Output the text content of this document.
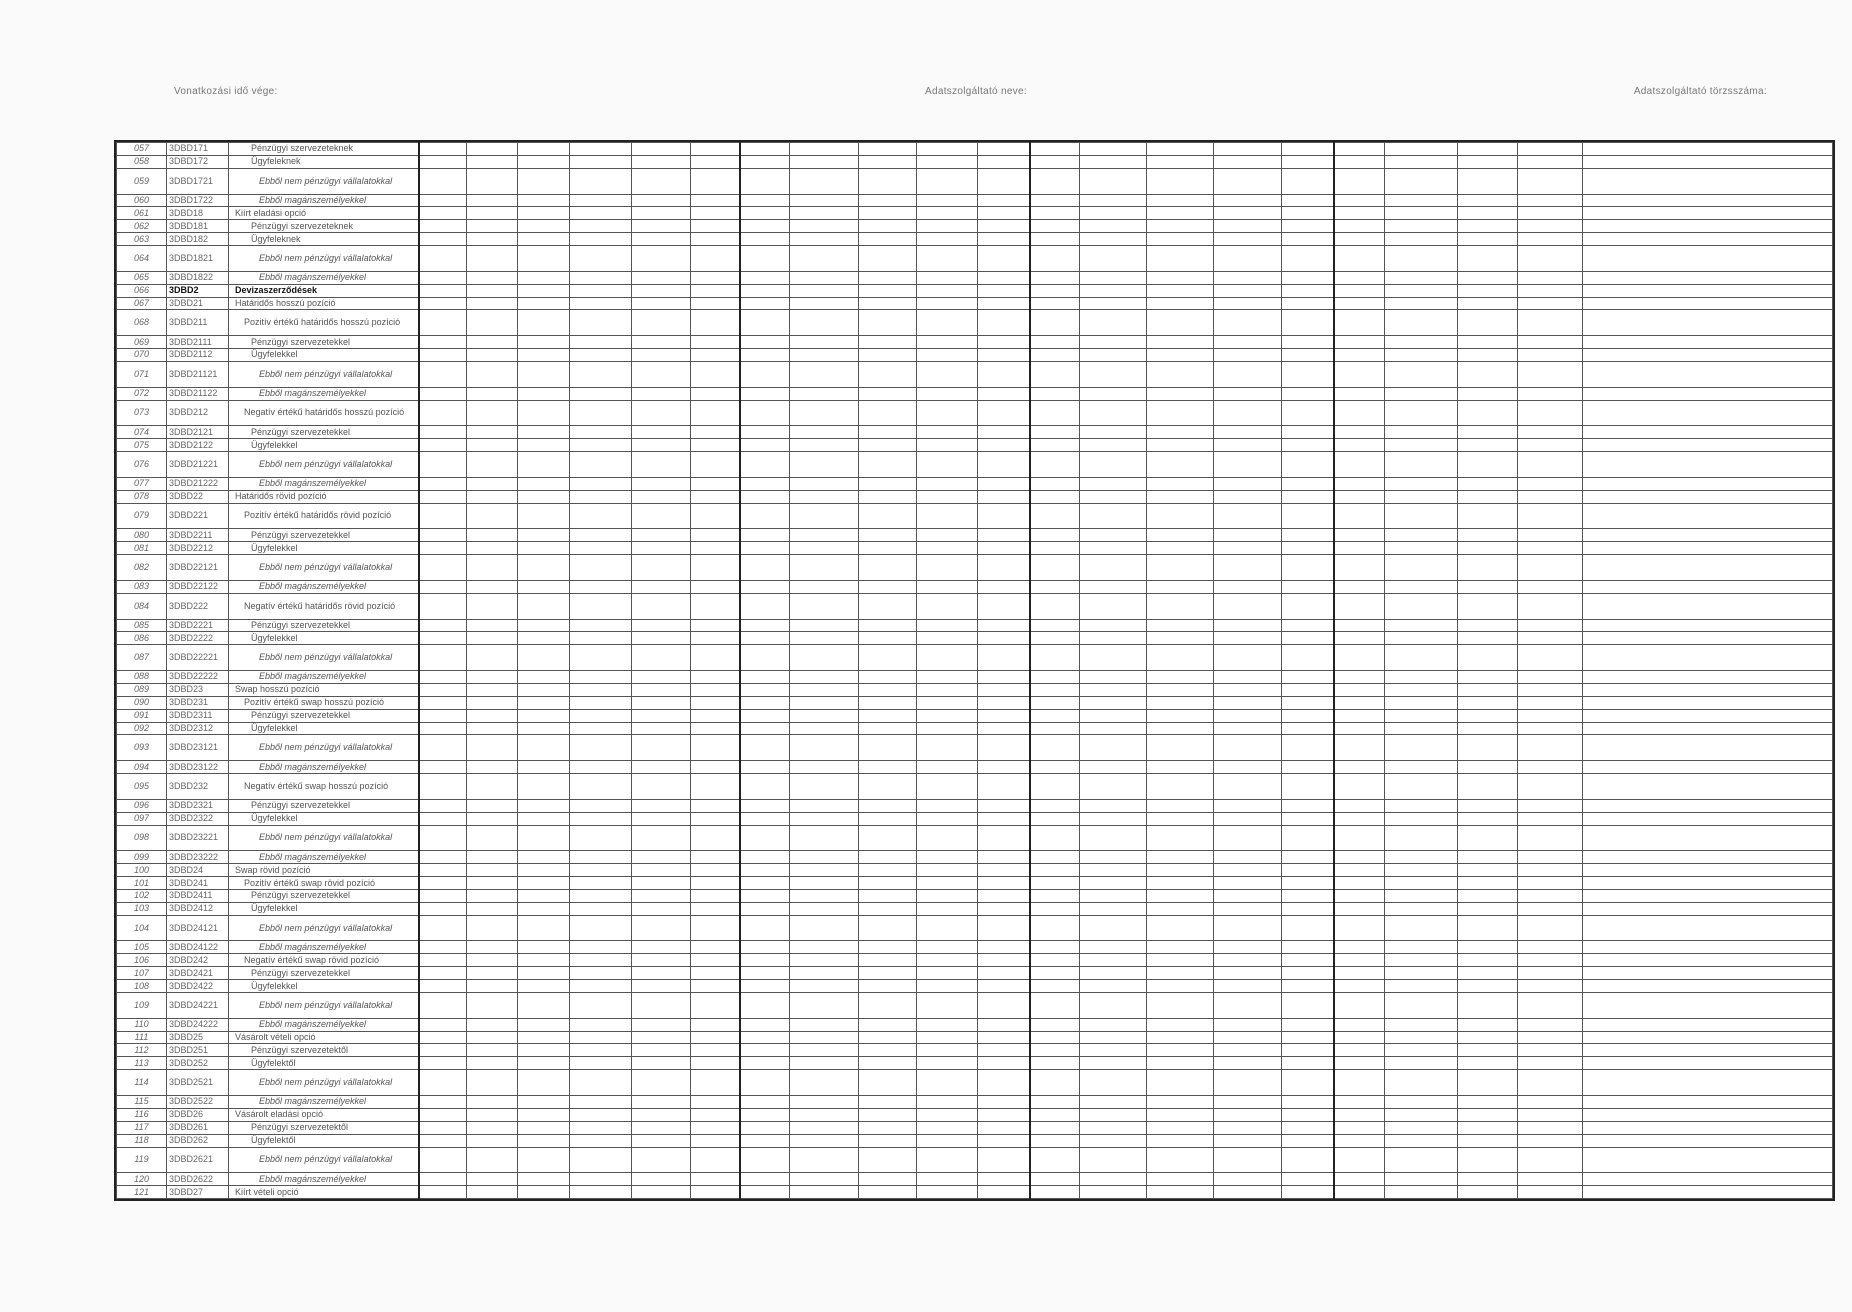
Vonatkozási idő vége:	Adatszolgáltató neve:	Adatszolgáltató törzsszáma:
057	3DBD171	Pénzügyi szervezeteknek																					
058	3DBD172	Ügyfeleknek																					
059	3DBD1721	Ebből nem pénzügyi vállalatokkal																					
060	3DBD1722	Ebből magánszemélyekkel																					
061	3DBD18	Kiírt eladási opció																					
062	3DBD181	Pénzügyi szervezeteknek																					
063	3DBD182	Ügyfeleknek																					
064	3DBD1821	Ebből nem pénzügyi vállalatokkal																					
065	3DBD1822	Ebből magánszemélyekkel																					
066	3DBD2	Devizaszerződések																					
067	3DBD21	Határidős hosszú pozíció																					
068	3DBD211	Pozitív értékű határidős hosszú pozíció																					
069	3DBD2111	Pénzügyi szervezetekkel																					
070	3DBD2112	Ügyfelekkel																					
071	3DBD21121	Ebből nem pénzügyi vállalatokkal																					
072	3DBD21122	Ebből magánszemélyekkel																					
073	3DBD212	Negatív értékű határidős hosszú pozíció																					
074	3DBD2121	Pénzügyi szervezetekkel																					
075	3DBD2122	Ügyfelekkel																					
076	3DBD21221	Ebből nem pénzügyi vállalatokkal																					
077	3DBD21222	Ebből magánszemélyekkel																					
078	3DBD22	Határidős rövid pozíció																					
079	3DBD221	Pozitív értékű határidős rövid pozíció																					
080	3DBD2211	Pénzügyi szervezetekkel																					
081	3DBD2212	Ügyfelekkel																					
082	3DBD22121	Ebből nem pénzügyi vállalatokkal																					
083	3DBD22122	Ebből magánszemélyekkel																					
084	3DBD222	Negatív értékű határidős rövid pozíció																					
085	3DBD2221	Pénzügyi szervezetekkel																					
086	3DBD2222	Ügyfelekkel																					
087	3DBD22221	Ebből nem pénzügyi vállalatokkal																					
088	3DBD22222	Ebből magánszemélyekkel																					
089	3DBD23	Swap hosszú pozíció																					
090	3DBD231	Pozitív értékű swap hosszú pozíció																					
091	3DBD2311	Pénzügyi szervezetekkel																					
092	3DBD2312	Ügyfelekkel																					
093	3DBD23121	Ebből nem pénzügyi vállalatokkal																					
094	3DBD23122	Ebből magánszemélyekkel																					
095	3DBD232	Negatív értékű swap hosszú pozíció																					
096	3DBD2321	Pénzügyi szervezetekkel																					
097	3DBD2322	Ügyfelekkel																					
098	3DBD23221	Ebből nem pénzügyi vállalatokkal																					
099	3DBD23222	Ebből magánszemélyekkel																					
100	3DBD24	Swap rövid pozíció																					
101	3DBD241	Pozitív értékű swap rövid pozíció																					
102	3DBD2411	Pénzügyi szervezetekkel																					
103	3DBD2412	Ügyfelekkel																					
104	3DBD24121	Ebből nem pénzügyi vállalatokkal																					
105	3DBD24122	Ebből magánszemélyekkel																					
106	3DBD242	Negatív értékű swap rövid pozíció																					
107	3DBD2421	Pénzügyi szervezetekkel																					
108	3DBD2422	Ügyfelekkel																					
109	3DBD24221	Ebből nem pénzügyi vállalatokkal																					
110	3DBD24222	Ebből magánszemélyekkel																					
111	3DBD25	Vásárolt vételi opció																					
112	3DBD251	Pénzügyi szervezetektől																					
113	3DBD252	Ügyfelektől																					
114	3DBD2521	Ebből nem pénzügyi vállalatokkal																					
115	3DBD2522	Ebből magánszemélyekkel																					
116	3DBD26	Vásárolt eladási opció																					
117	3DBD261	Pénzügyi szervezetektől																					
118	3DBD262	Ügyfelektől																					
119	3DBD2621	Ebből nem pénzügyi vállalatokkal																					
120	3DBD2622	Ebből magánszemélyekkel																					
121	3DBD27	Kiírt vételi opció																					
